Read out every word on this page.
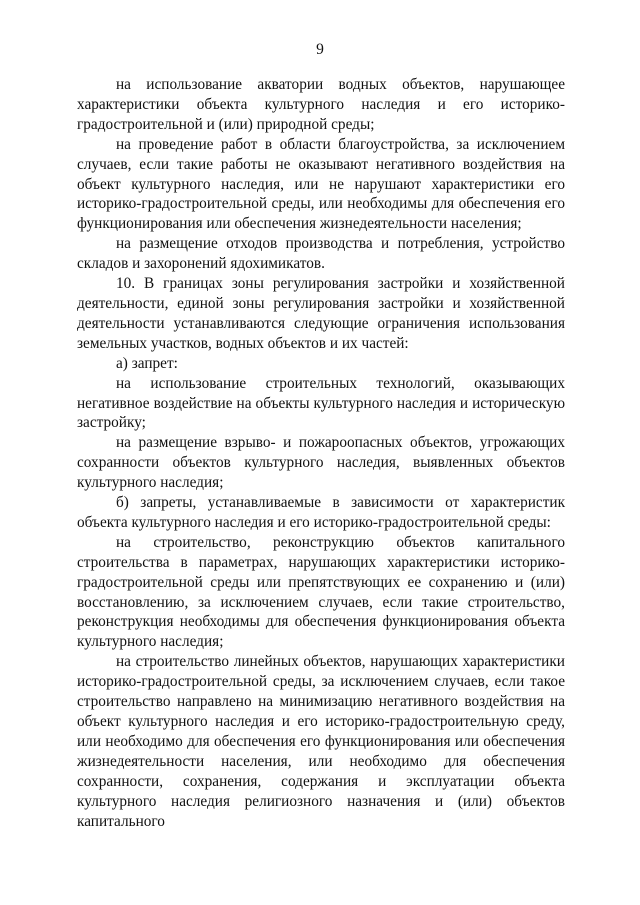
9

на использование акватории водных объектов, нарушающее характеристики объекта культурного наследия и его историко-градостроительной и (или) природной среды;

на проведение работ в области благоустройства, за исключением случаев, если такие работы не оказывают негативного воздействия на объект культурного наследия, или не нарушают характеристики его историко-градостроительной среды, или необходимы для обеспечения его функционирования или обеспечения жизнедеятельности населения;

на размещение отходов производства и потребления, устройство складов и захоронений ядохимикатов.

10. В границах зоны регулирования застройки и хозяйственной деятельности, единой зоны регулирования застройки и хозяйственной деятельности устанавливаются следующие ограничения использования земельных участков, водных объектов и их частей:

а) запрет:

на использование строительных технологий, оказывающих негативное воздействие на объекты культурного наследия и историческую застройку;

на размещение взрыво- и пожароопасных объектов, угрожающих сохранности объектов культурного наследия, выявленных объектов культурного наследия;

б) запреты, устанавливаемые в зависимости от характеристик объекта культурного наследия и его историко-градостроительной среды:

на строительство, реконструкцию объектов капитального строительства в параметрах, нарушающих характеристики историко-градостроительной среды или препятствующих ее сохранению и (или) восстановлению, за исключением случаев, если такие строительство, реконструкция необходимы для обеспечения функционирования объекта культурного наследия;

на строительство линейных объектов, нарушающих характеристики историко-градостроительной среды, за исключением случаев, если такое строительство направлено на минимизацию негативного воздействия на объект культурного наследия и его историко-градостроительную среду, или необходимо для обеспечения его функционирования или обеспечения жизнедеятельности населения, или необходимо для обеспечения сохранности, сохранения, содержания и эксплуатации объекта культурного наследия религиозного назначения и (или) объектов капитального
